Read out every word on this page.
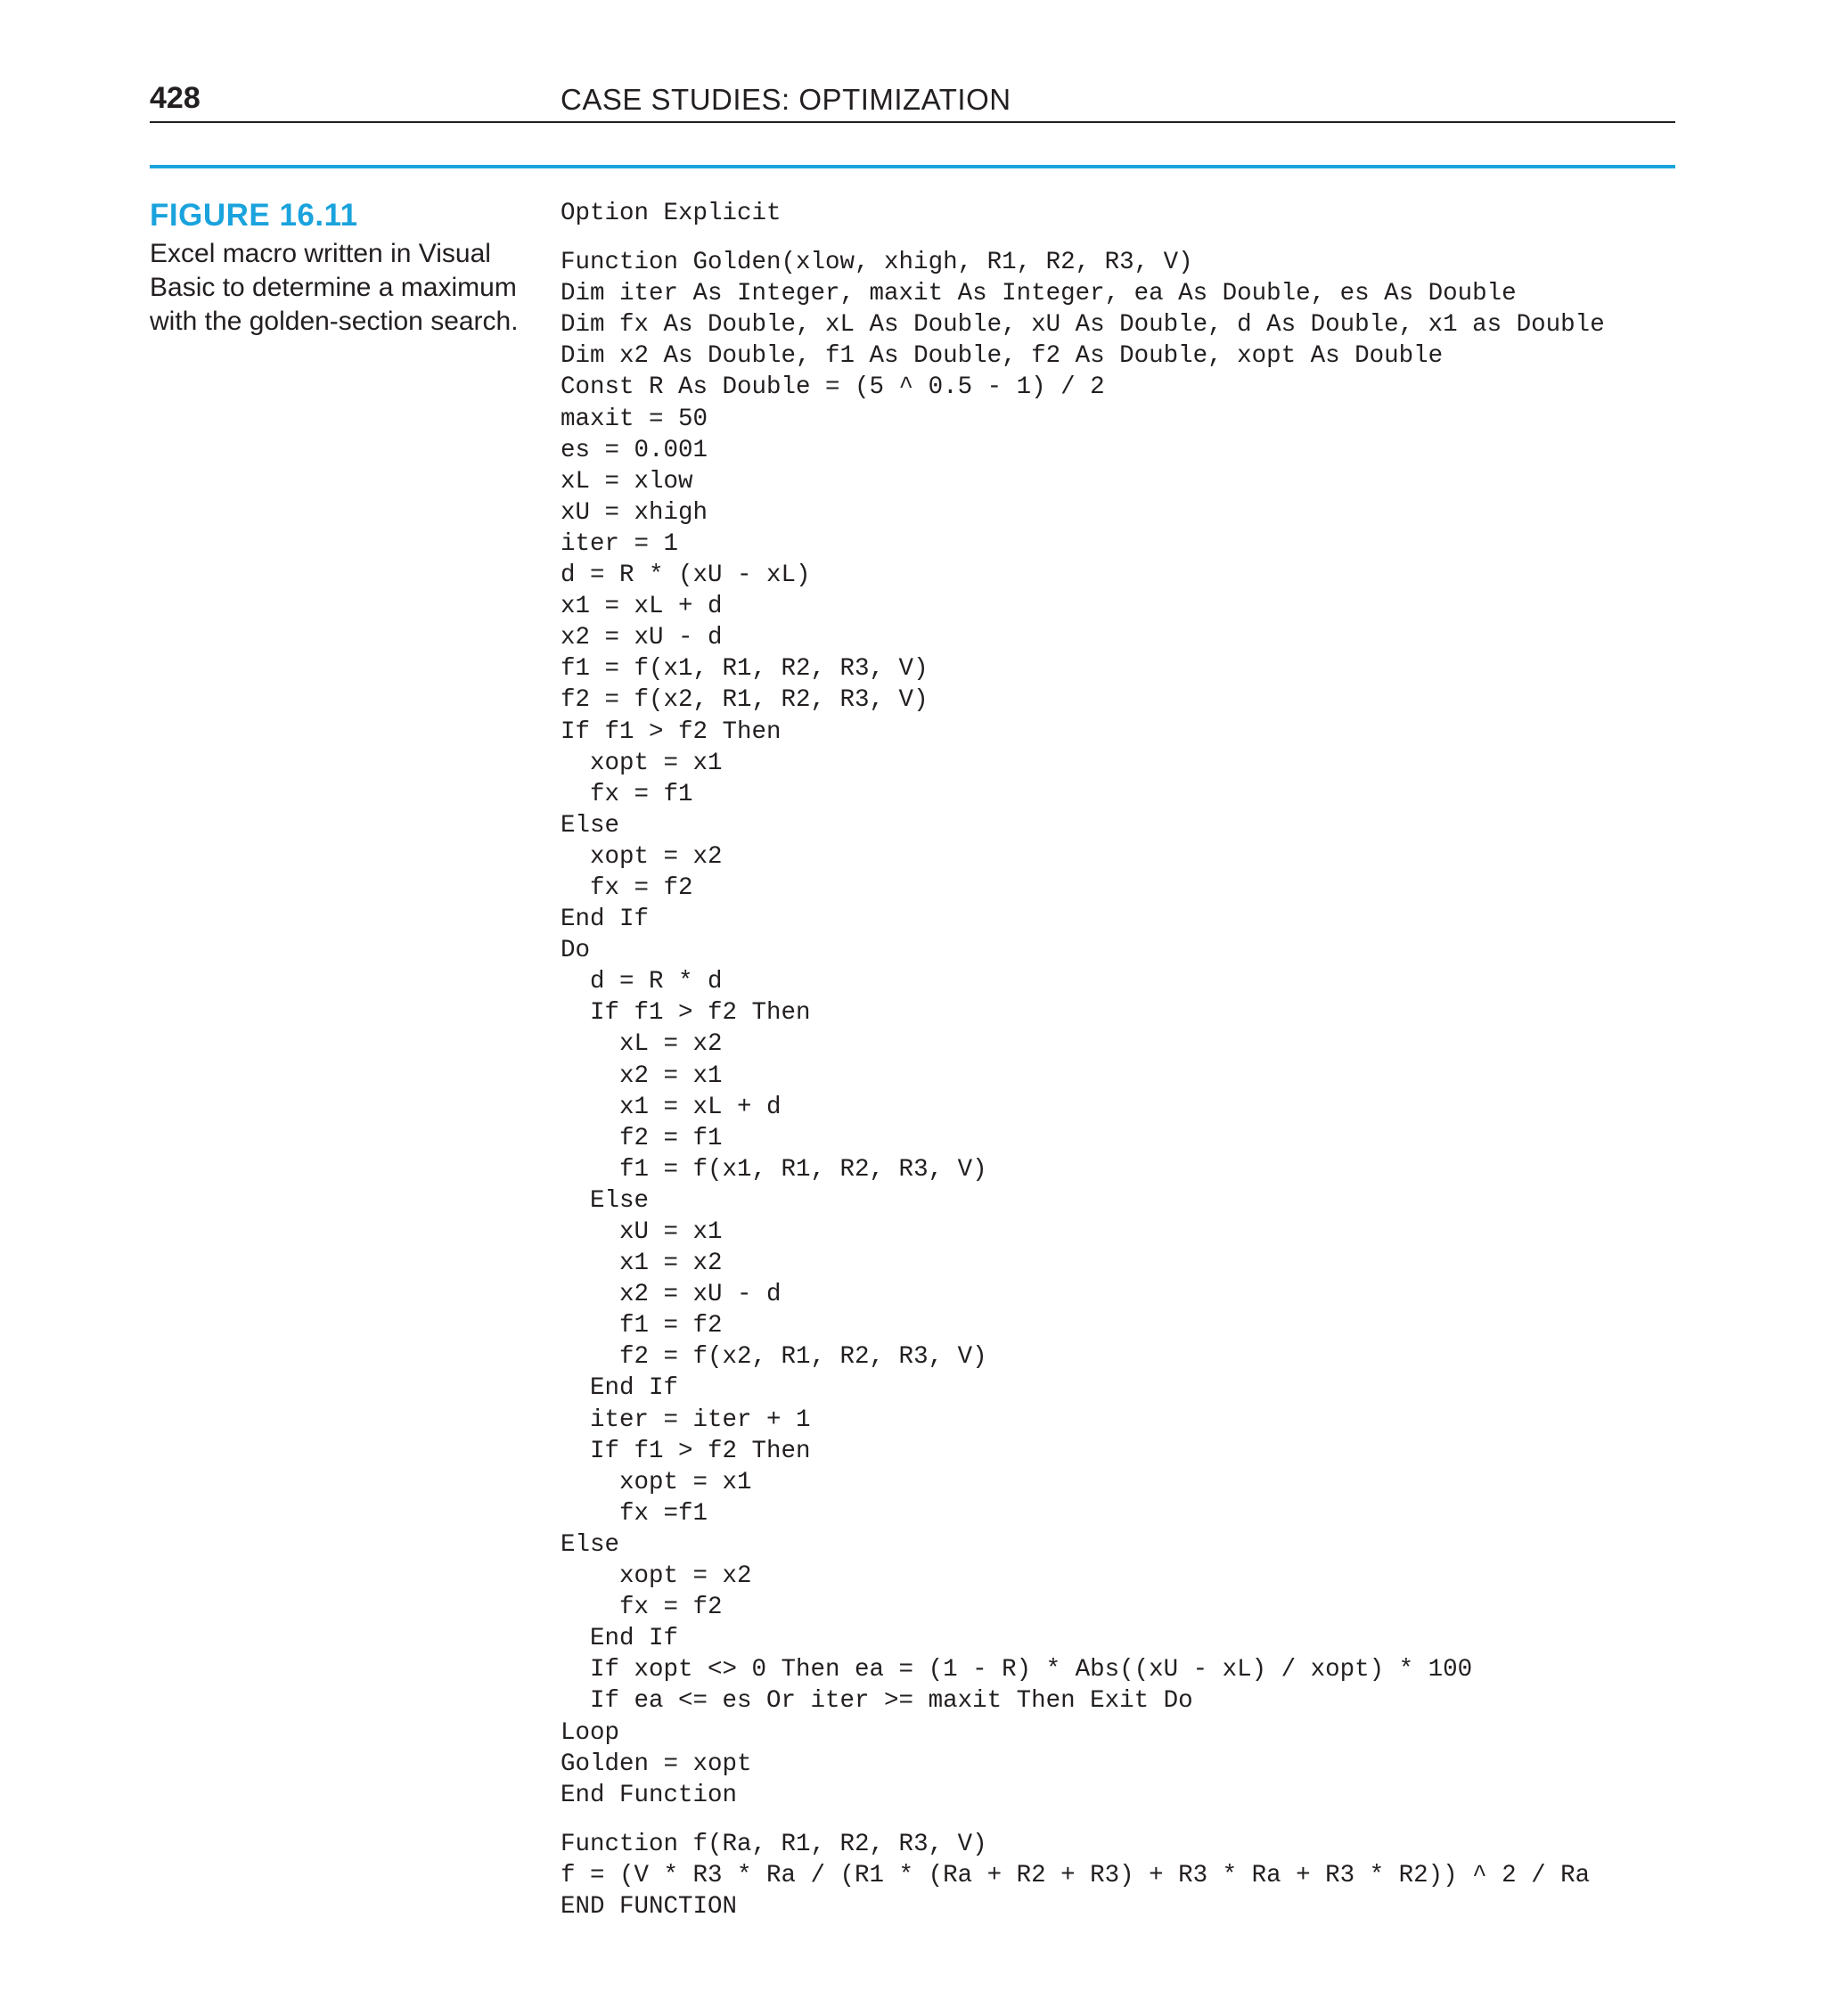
428	CASE STUDIES: OPTIMIZATION
FIGURE 16.11
Excel macro written in Visual Basic to determine a maximum with the golden-section search.
Option Explicit
Function Golden(xlow, xhigh, R1, R2, R3, V)
Dim iter As Integer, maxit As Integer, ea As Double, es As Double
Dim fx As Double, xL As Double, xU As Double, d As Double, x1 as Double
Dim x2 As Double, f1 As Double, f2 As Double, xopt As Double
Const R As Double = (5 ^ 0.5 - 1) / 2
maxit = 50
es = 0.001
xL = xlow
xU = xhigh
iter = 1
d = R * (xU - xL)
x1 = xL + d
x2 = xU - d
f1 = f(x1, R1, R2, R3, V)
f2 = f(x2, R1, R2, R3, V)
If f1 > f2 Then
xopt = x1
fx = f1
Else
xopt = x2
fx = f2
End If
Do
d = R * d
If f1 > f2 Then
xL = x2
x2 = x1
x1 = xL + d
f2 = f1
f1 = f(x1, R1, R2, R3, V)
Else
xU = x1
x1 = x2
x2 = xU - d
f1 = f2
f2 = f(x2, R1, R2, R3, V)
End If
iter = iter + 1
If f1 > f2 Then
xopt = x1
fx =f1
Else
xopt = x2
fx = f2
End If
If xopt <> 0 Then ea = (1 - R) * Abs((xU - xL) / xopt) * 100
If ea <= es Or iter >= maxit Then Exit Do
Loop
Golden = xopt
End Function
Function f(Ra, R1, R2, R3, V)
f = (V * R3 * Ra / (R1 * (Ra + R2 + R3) + R3 * Ra + R3 * R2)) ^ 2 / Ra
END FUNCTION
